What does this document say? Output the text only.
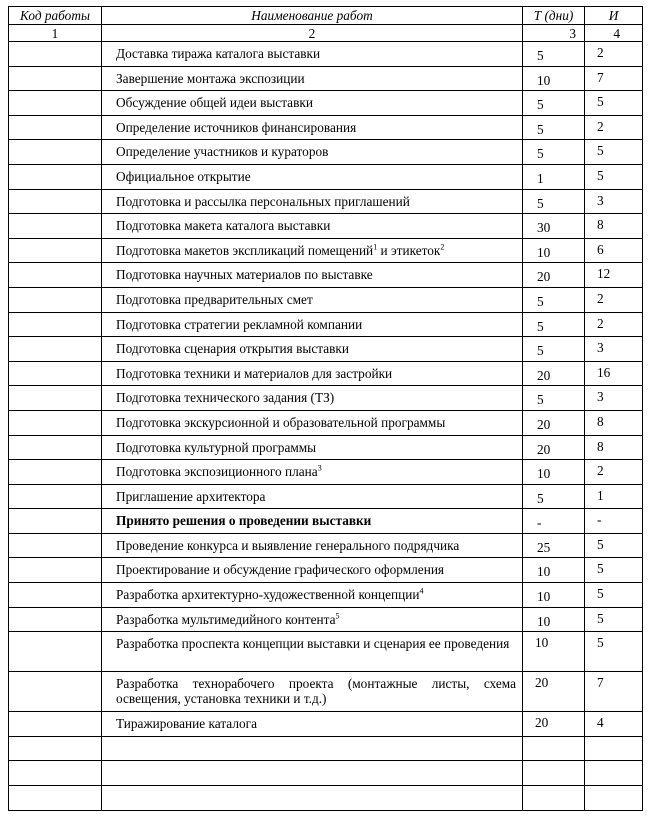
Код работы	Наименование работ	Т (дни)	И
1	2	3	4
	Доставка тиража каталога выставки	5	2
	Завершение монтажа экспозиции	10	7
	Обсуждение общей идеи выставки	5	5
	Определение источников финансирования	5	2
	Определение участников и кураторов	5	5
	Официальное открытие	1	5
	Подготовка и рассылка персональных приглашений	5	3
	Подготовка макета каталога выставки	30	8
	Подготовка макетов экспликаций помещений$^1$ и этикеток$^2$	10	6
	Подготовка научных материалов по выставке	20	12
	Подготовка предварительных смет	5	2
	Подготовка стратегии рекламной компании	5	2
	Подготовка сценария открытия выставки	5	3
	Подготовка техники и материалов для застройки	20	16
	Подготовка технического задания (ТЗ)	5	3
	Подготовка экскурсионной и образовательной программы	20	8
	Подготовка культурной программы	20	8
	Подготовка экспозиционного плана$^3$	10	2
	Приглашение архитектора	5	1
	Принято решения о проведении выставки	-	-
	Проведение конкурса и выявление генерального подрядчика	25	5
	Проектирование и обсуждение графического оформления	10	5
	Разработка архитектурно-художественной концепции$^4$	10	5
	Разработка мультимедийного контента$^5$	10	5
	Разработка проспекта концепции выставки и сценария ее проведения	10	5
	Разработка технорабочего проекта (монтажные листы, схема освещения, установка техники и т.д.)	20	7
	Тиражирование каталога	20	4
